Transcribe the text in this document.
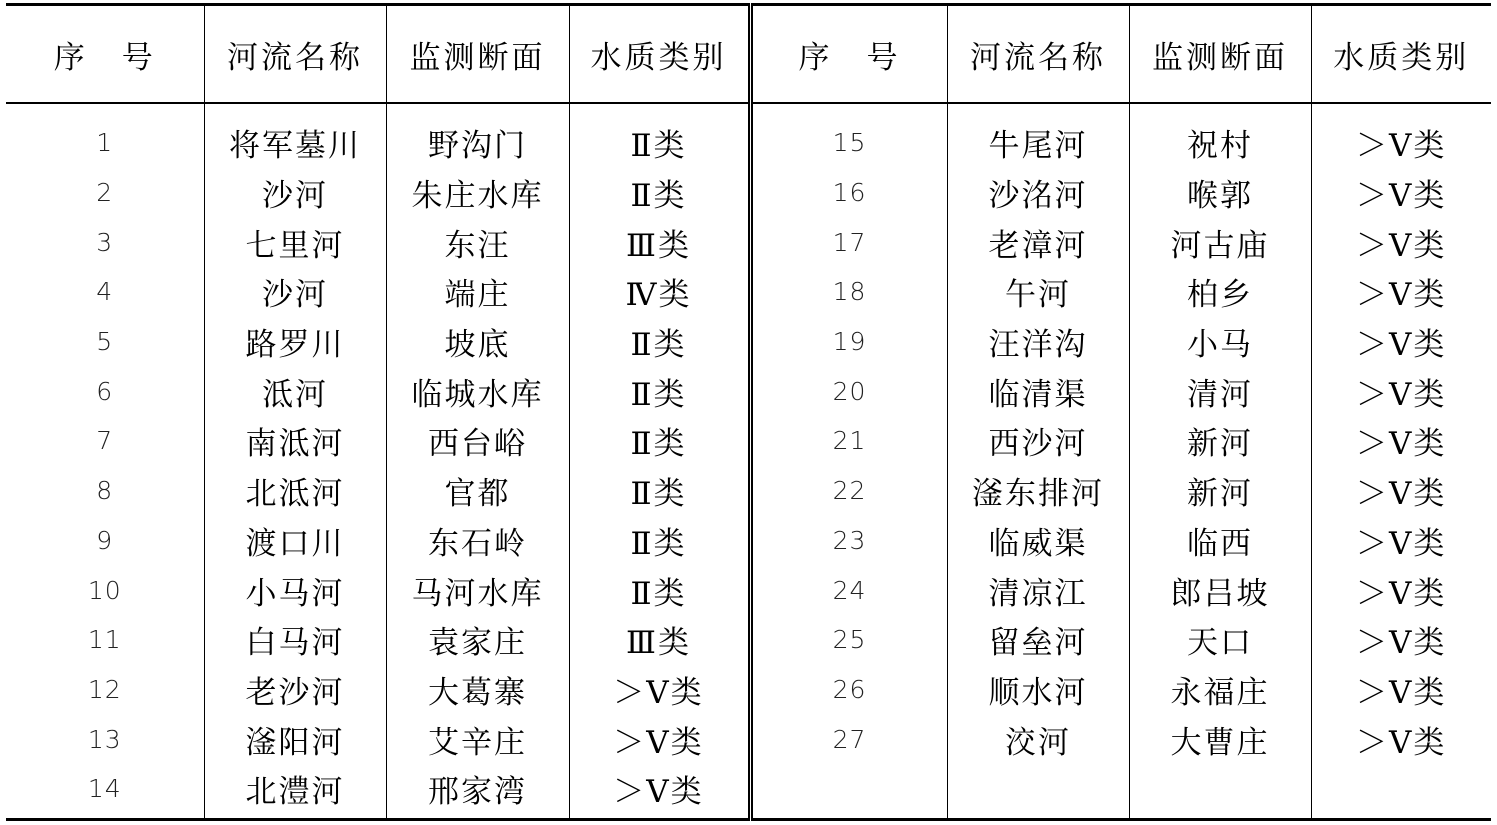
序　号	河流名称	监测断面	水质类别	序　号	河流名称	监测断面	水质类别
1	将军墓川	野沟门	Ⅱ类	15	牛尾河	祝村	＞Ⅴ类
2	沙河	朱庄水库	Ⅱ类	16	沙洺河	喉郭	＞Ⅴ类
3	七里河	东汪	Ⅲ类	17	老漳河	河古庙	＞Ⅴ类
4	沙河	端庄	Ⅳ类	18	午河	柏乡	＞Ⅴ类
5	路罗川	坡底	Ⅱ类	19	汪洋沟	小马	＞Ⅴ类
6	泜河	临城水库	Ⅱ类	20	临清渠	清河	＞Ⅴ类
7	南泜河	西台峪	Ⅱ类	21	西沙河	新河	＞Ⅴ类
8	北泜河	官都	Ⅱ类	22	滏东排河	新河	＞Ⅴ类
9	渡口川	东石岭	Ⅱ类	23	临威渠	临西	＞Ⅴ类
10	小马河	马河水库	Ⅱ类	24	清凉江	郎吕坡	＞Ⅴ类
11	白马河	袁家庄	Ⅲ类	25	留垒河	天口	＞Ⅴ类
12	老沙河	大葛寨	＞Ⅴ类	26	顺水河	永福庄	＞Ⅴ类
13	滏阳河	艾辛庄	＞Ⅴ类	27	洨河	大曹庄	＞Ⅴ类
14	北澧河	邢家湾	＞Ⅴ类				
